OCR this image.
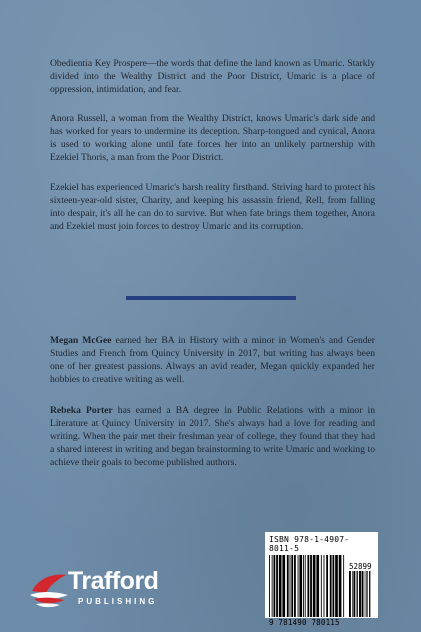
Obedientia Key Prospere—the words that define the land known as Umaric. Starkly divided into the Wealthy District and the Poor District, Umaric is a place of oppression, intimidation, and fear.

Anora Russell, a woman from the Wealthy District, knows Umaric's dark side and has worked for years to undermine its deception. Sharp-tongued and cynical, Anora is used to working alone until fate forces her into an unlikely partnership with Ezekiel Thoris, a man from the Poor District.

Ezekiel has experienced Umaric's harsh reality firsthand. Striving hard to protect his sixteen-year-old sister, Charity, and keeping his assassin friend, Rell, from falling into despair, it's all he can do to survive. But when fate brings them together, Anora and Ezekiel must join forces to destroy Umaric and its corruption.

Megan McGee earned her BA in History with a minor in Women's and Gender Studies and French from Quincy University in 2017, but writing has always been one of her greatest passions. Always an avid reader, Megan quickly expanded her hobbies to creative writing as well.

Rebeka Porter has earned a BA degree in Public Relations with a minor in Literature at Quincy University in 2017. She's always had a love for reading and writing. When the pair met their freshman year of college, they found that they had a shared interest in writing and began brainstorming to write Umaric and working to achieve their goals to become published authors.

ISBN 978-1-4907-8011-5
52899
9 781490 780115
Trafford
PUBLISHING
